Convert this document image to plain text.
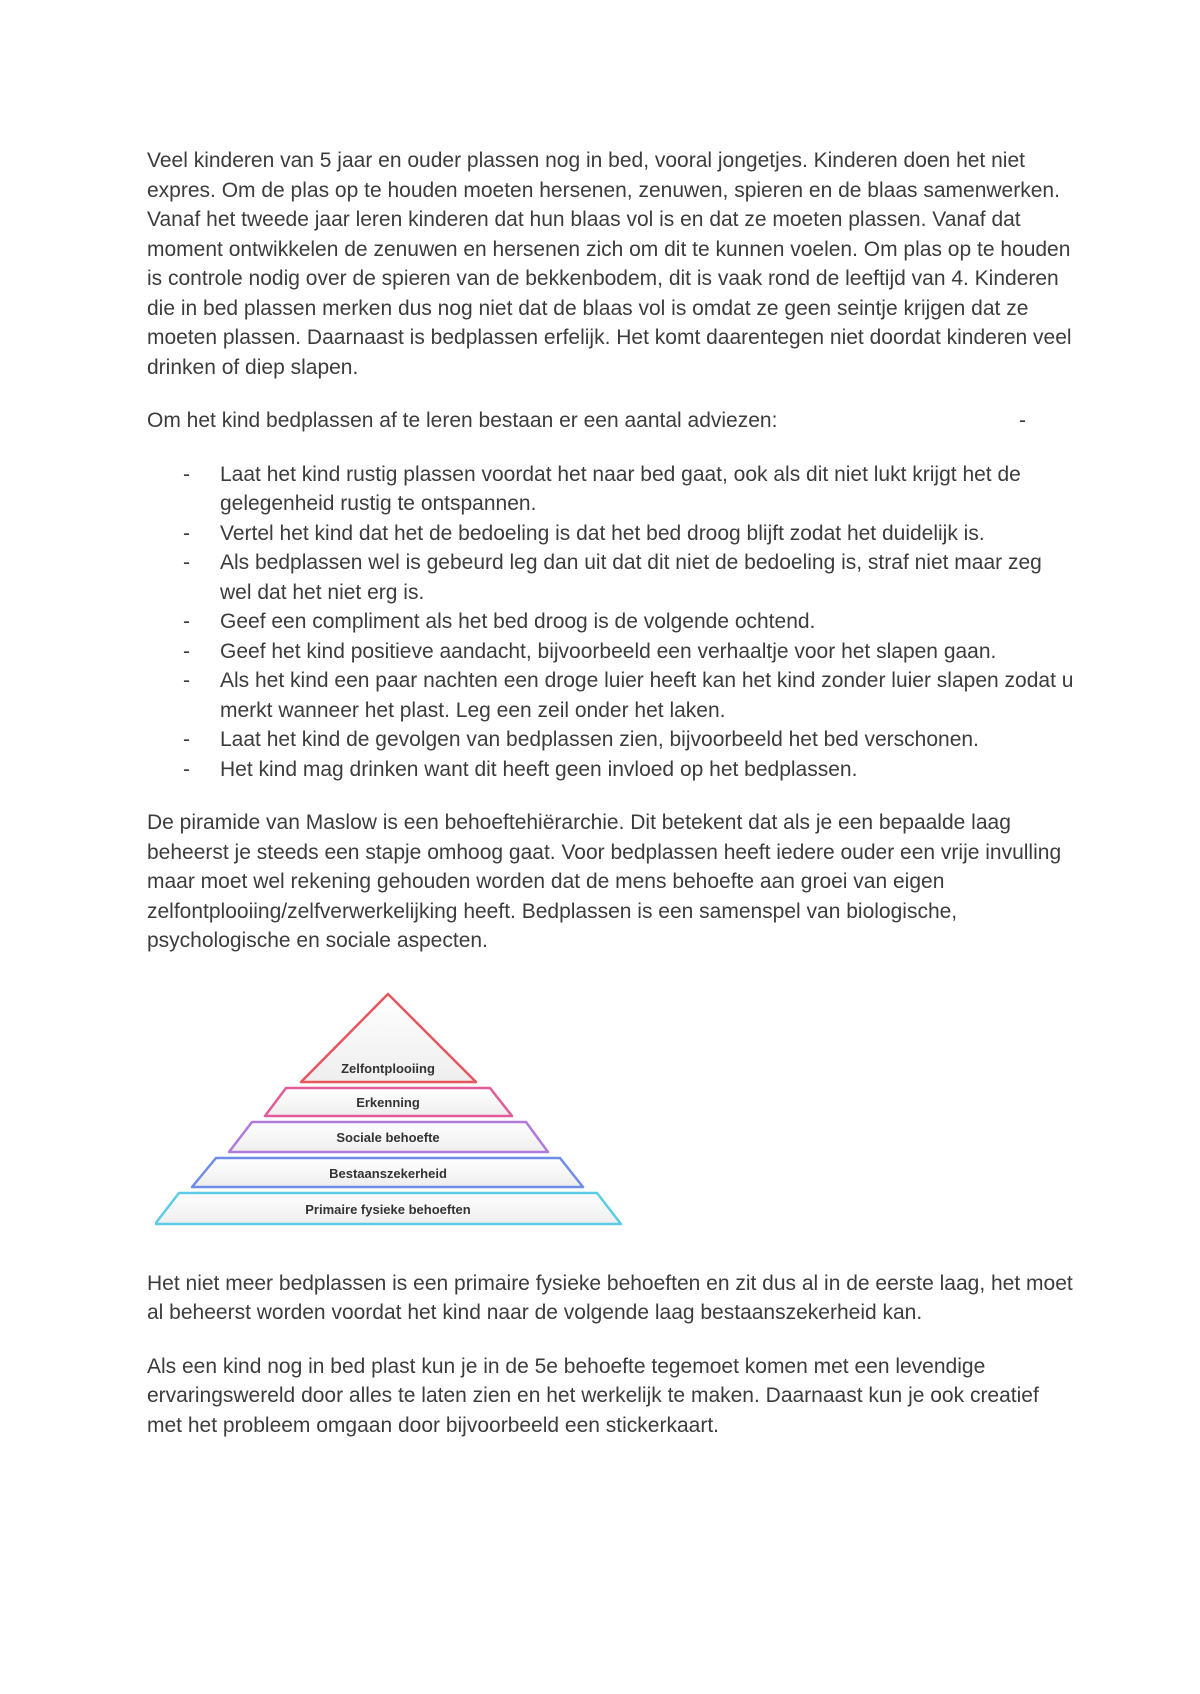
Veel kinderen van 5 jaar en ouder plassen nog in bed, vooral jongetjes. Kinderen doen het niet expres. Om de plas op te houden moeten hersenen, zenuwen, spieren en de blaas samenwerken. Vanaf het tweede jaar leren kinderen dat hun blaas vol is en dat ze moeten plassen. Vanaf dat moment ontwikkelen de zenuwen en hersenen zich om dit te kunnen voelen. Om plas op te houden is controle nodig over de spieren van de bekkenbodem, dit is vaak rond de leeftijd van 4. Kinderen die in bed plassen merken dus nog niet dat de blaas vol is omdat ze geen seintje krijgen dat ze moeten plassen. Daarnaast is bedplassen erfelijk. Het komt daarentegen niet doordat kinderen veel drinken of diep slapen.

Om het kind bedplassen af te leren bestaan er een aantal adviezen:	-

- Laat het kind rustig plassen voordat het naar bed gaat, ook als dit niet lukt krijgt het de gelegenheid rustig te ontspannen.
- Vertel het kind dat het de bedoeling is dat het bed droog blijft zodat het duidelijk is.
- Als bedplassen wel is gebeurd leg dan uit dat dit niet de bedoeling is, straf niet maar zeg wel dat het niet erg is.
- Geef een compliment als het bed droog is de volgende ochtend.
- Geef het kind positieve aandacht, bijvoorbeeld een verhaaltje voor het slapen gaan.
- Als het kind een paar nachten een droge luier heeft kan het kind zonder luier slapen zodat u merkt wanneer het plast. Leg een zeil onder het laken.
- Laat het kind de gevolgen van bedplassen zien, bijvoorbeeld het bed verschonen.
- Het kind mag drinken want dit heeft geen invloed op het bedplassen.

De piramide van Maslow is een behoeftehiërarchie. Dit betekent dat als je een bepaalde laag beheerst je steeds een stapje omhoog gaat. Voor bedplassen heeft iedere ouder een vrije invulling maar moet wel rekening gehouden worden dat de mens behoefte aan groei van eigen zelfontplooiing/zelfverwerkelijking heeft. Bedplassen is een samenspel van biologische, psychologische en sociale aspecten.

Zelfontplooiing
Erkenning
Sociale behoefte
Bestaanszekerheid
Primaire fysieke behoeften

Het niet meer bedplassen is een primaire fysieke behoeften en zit dus al in de eerste laag, het moet al beheerst worden voordat het kind naar de volgende laag bestaanszekerheid kan.

Als een kind nog in bed plast kun je in de 5e behoefte tegemoet komen met een levendige ervaringswereld door alles te laten zien en het werkelijk te maken. Daarnaast kun je ook creatief met het probleem omgaan door bijvoorbeeld een stickerkaart.
